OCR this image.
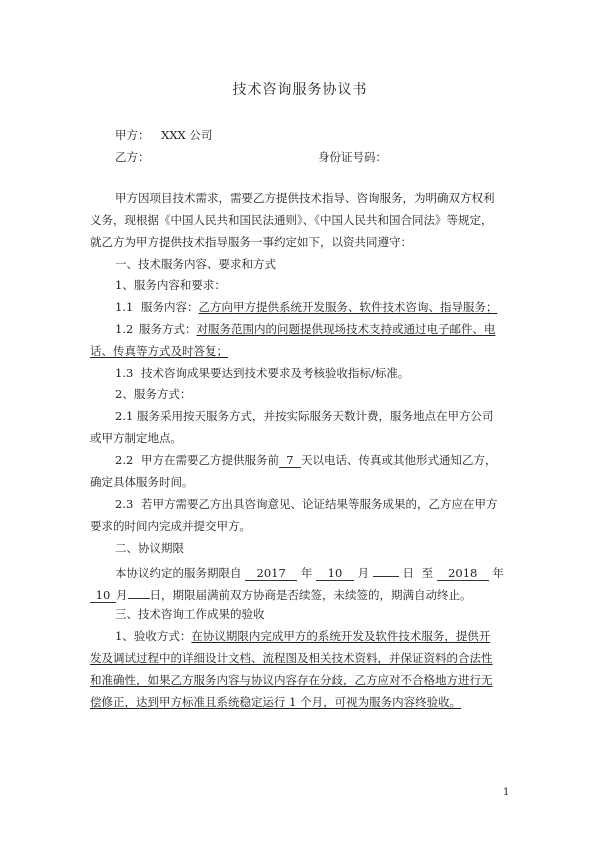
技术咨询服务协议书
甲方： XXX 公司
乙方：	身份证号码：
甲方因项目技术需求，需要乙方提供技术指导、咨询服务，为明确双方权利
义务，现根据《中国人民共和国民法通则》、《中国人民共和国合同法》等规定，
就乙方为甲方提供技术指导服务一事约定如下，以资共同遵守：
一、技术服务内容、要求和方式
1、服务内容和要求：
1.1 服务内容：乙方向甲方提供系统开发服务、软件技术咨询、指导服务；
1.2 服务方式：对服务范围内的问题提供现场技术支持或通过电子邮件、电
话、传真等方式及时答复；
1.3 技术咨询成果要达到技术要求及考核验收指标/标准。
2、服务方式：
2.1 服务采用按天服务方式，并按实际服务天数计费，服务地点在甲方公司
或甲方制定地点。
2.2 甲方在需要乙方提供服务前 7 天以电话、传真或其他形式通知乙方，
确定具体服务时间。
2.3 若甲方需要乙方出具咨询意见、论证结果等服务成果的，乙方应在甲方
要求的时间内完成并提交甲方。
二、协议期限
本协议约定的服务期限自 2017 年 10 月	日 至 2018 年
10 月 日，期限届满前双方协商是否续签，未续签的，期满自动终止。
三、技术咨询工作成果的验收
1、验收方式：在协议期限内完成甲方的系统开发及软件技术服务，提供开
发及调试过程中的详细设计文档、流程图及相关技术资料，并保证资料的合法性
和准确性，如果乙方服务内容与协议内容存在分歧，乙方应对不合格地方进行无
偿修正，达到甲方标准且系统稳定运行 1 个月，可视为服务内容终验收。
1
